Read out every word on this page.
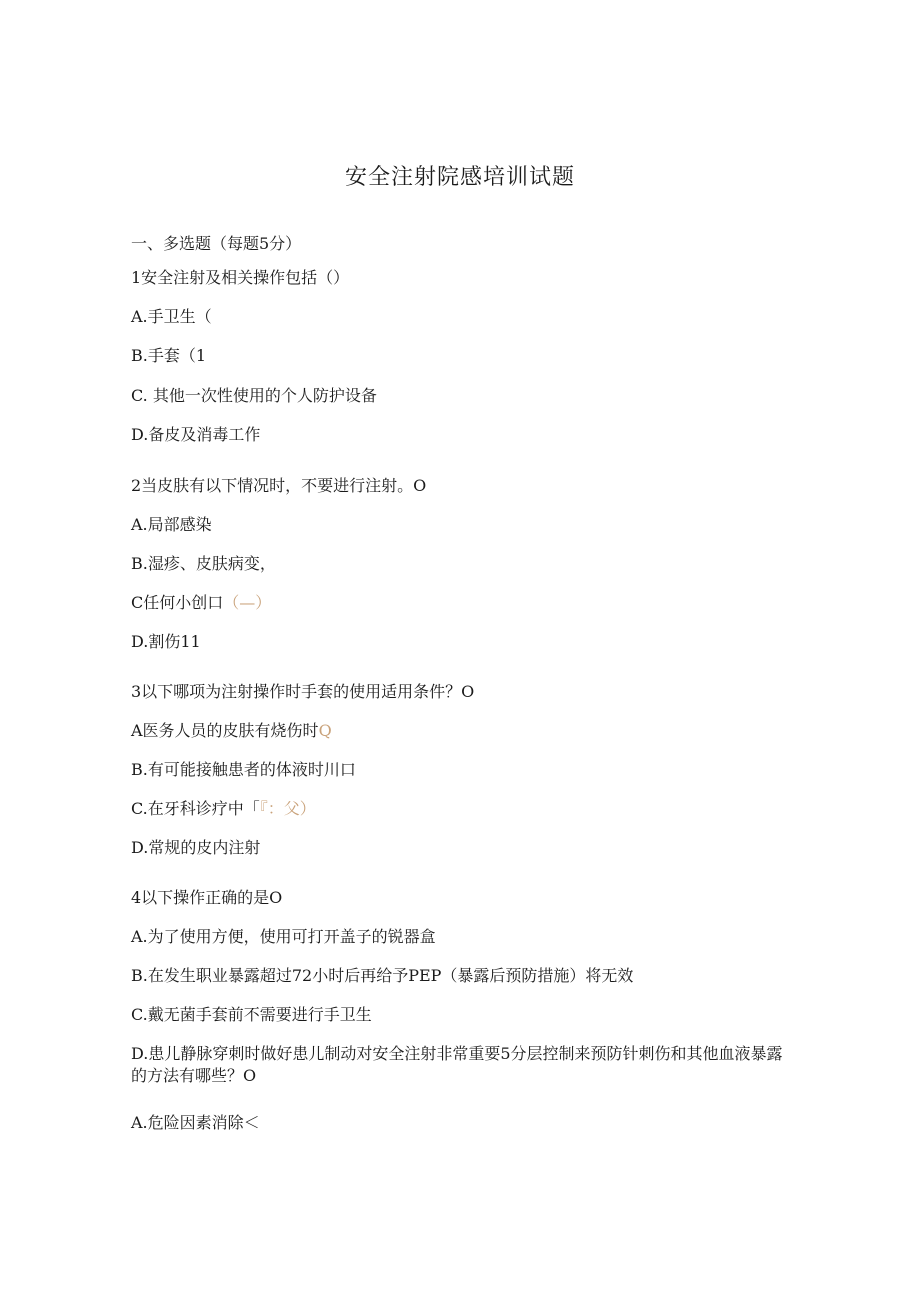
安全注射院感培训试题
一、多选题（每题5分）
1安全注射及相关操作包括（）
A.手卫生（
B.手套（1
C. 其他一次性使用的个人防护设备
D.备皮及消毒工作
2当皮肤有以下情况时，不要进行注射。O
A.局部感染
B.湿疹、皮肤病变，
C任何小创口（—）
D.割伤11
3以下哪项为注射操作时手套的使用适用条件？O
A医务人员的皮肤有烧伤时Q
B.有可能接触患者的体液时川口
C.在牙科诊疗中「『：父）
D.常规的皮内注射
4以下操作正确的是O
A.为了使用方便，使用可打开盖子的锐器盒
B.在发生职业暴露超过72小时后再给予PEP（暴露后预防措施）将无效
C.戴无菌手套前不需要进行手卫生
D.患儿静脉穿刺时做好患儿制动对安全注射非常重要5分层控制来预防针刺伤和其他血液暴露的方法有哪些？O
A.危险因素消除＜
